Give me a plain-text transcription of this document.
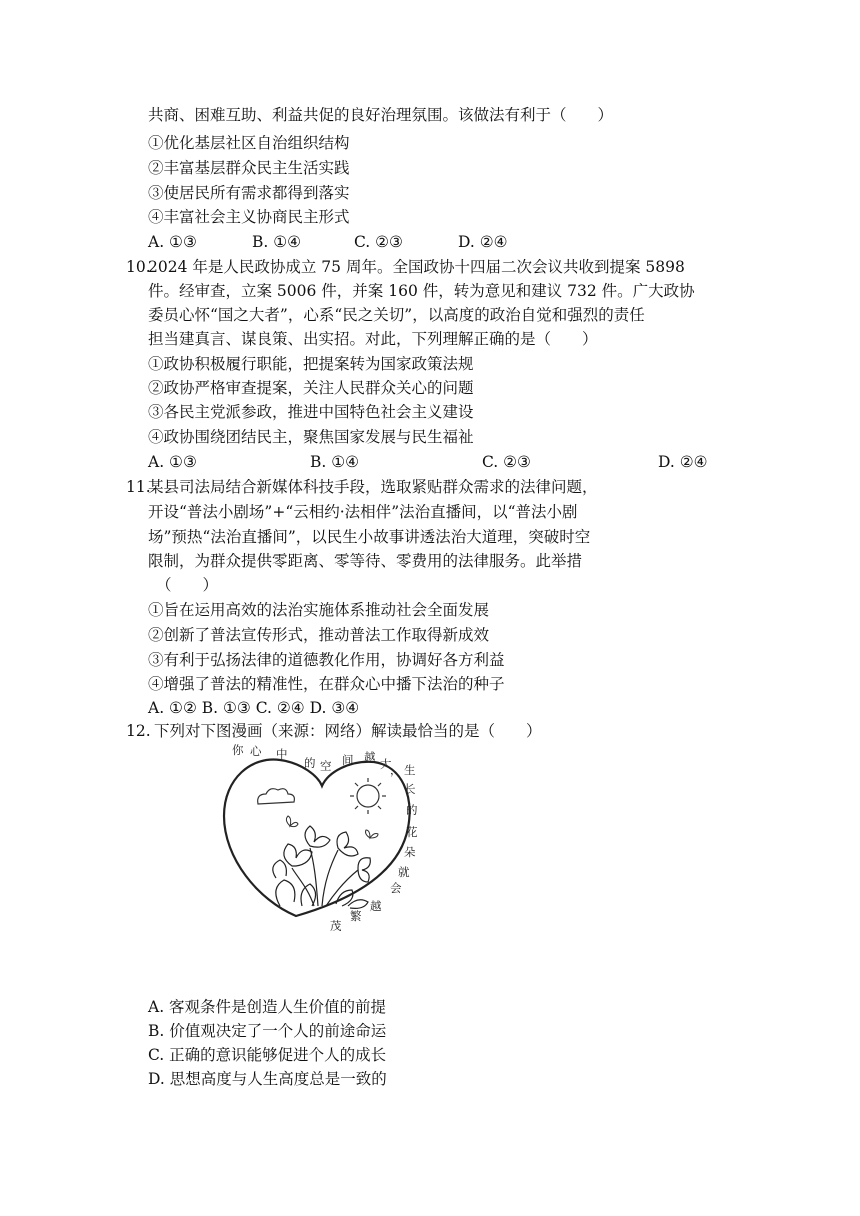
共商、困难互助、利益共促的良好治理氛围。该做法有利于（　　）
①优化基层社区自治组织结构
②丰富基层群众民主生活实践
③使居民所有需求都得到落实
④丰富社会主义协商民主形式
A. ①③	B. ①④	C. ②③	D. ②④
10.
2024 年是人民政协成立 75 周年。全国政协十四届二次会议共收到提案 5898
件。经审查，立案 5006 件，并案 160 件，转为意见和建议 732 件。广大政协
委员心怀“国之大者”，心系“民之关切”，以高度的政治自觉和强烈的责任
担当建真言、谋良策、出实招。对此，下列理解正确的是（　　）
①政协积极履行职能，把提案转为国家政策法规
②政协严格审查提案，关注人民群众关心的问题
③各民主党派参政，推进中国特色社会主义建设
④政协围绕团结民主，聚焦国家发展与民生福祉
A. ①③	B. ①④	C. ②③	D. ②④
11.
某县司法局结合新媒体科技手段，选取紧贴群众需求的法律问题，
开设“普法小剧场”+“云相约·法相伴”法治直播间，以“普法小剧
场”预热“法治直播间”，以民生小故事讲透法治大道理，突破时空
限制，为群众提供零距离、零等待、零费用的法律服务。此举措
（　　）
①旨在运用高效的法治实施体系推动社会全面发展
②创新了普法宣传形式，推动普法工作取得新成效
③有利于弘扬法律的道德教化作用，协调好各方利益
④增强了普法的精准性，在群众心中播下法治的种子
A. ①② B. ①③ C. ②④ D. ③④
12. 下列对下图漫画（来源：网络）解读最恰当的是（　　）
你 心 中
的 空 间 越 大
， 生
长
的
花
朵
就
会
越
繁
茂
A. 客观条件是创造人生价值的前提
B. 价值观决定了一个人的前途命运
C. 正确的意识能够促进个人的成长
D. 思想高度与人生高度总是一致的
